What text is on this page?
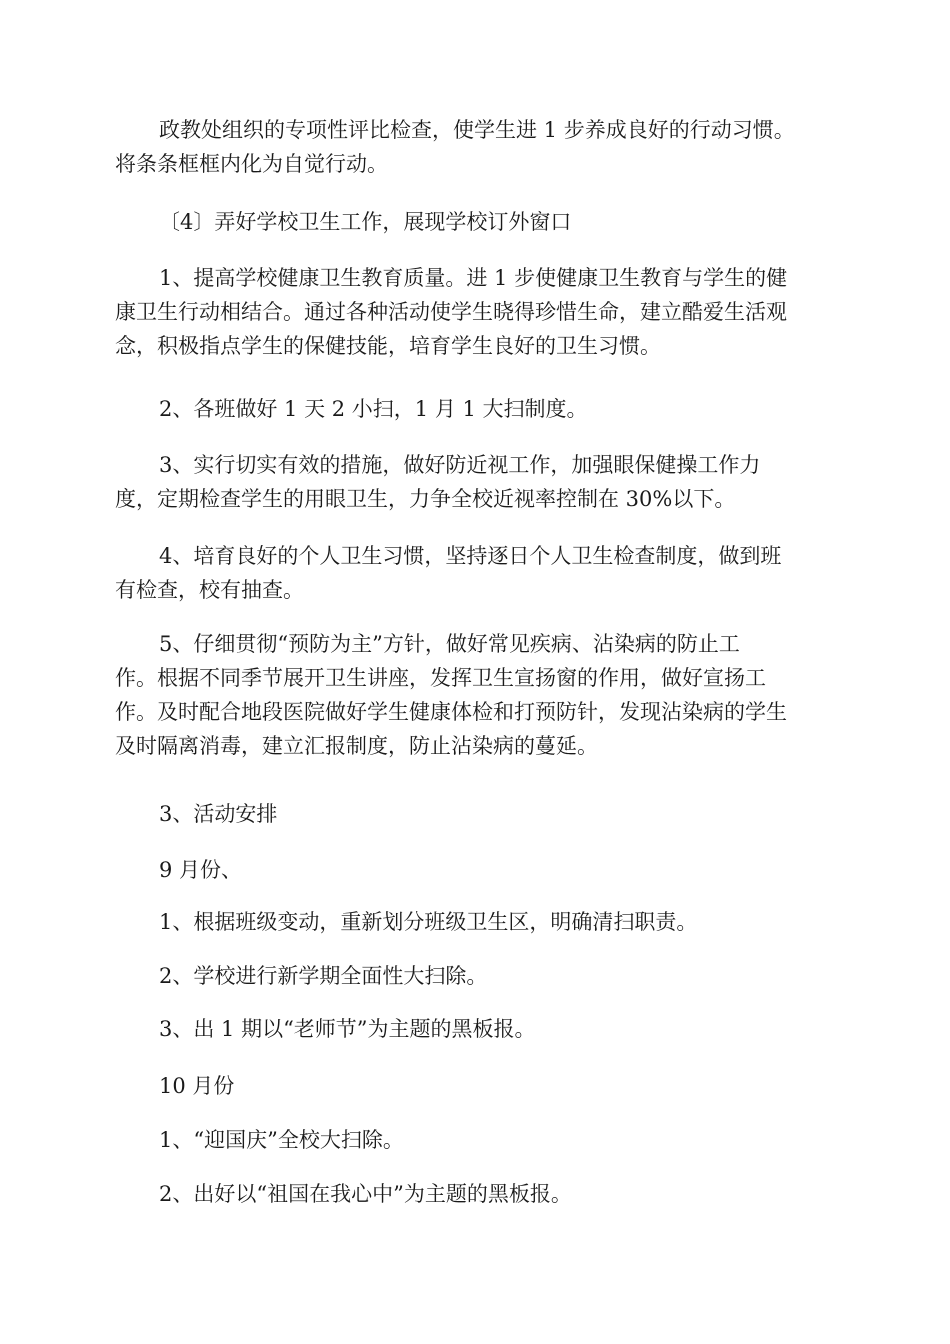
政教处组织的专项性评比检查，使学生进 1 步养成良好的行动习惯。
将条条框框内化为自觉行动。

〔4〕弄好学校卫生工作，展现学校订外窗口

1、提高学校健康卫生教育质量。进 1 步使健康卫生教育与学生的健
康卫生行动相结合。通过各种活动使学生晓得珍惜生命，建立酷爱生活观
念，积极指点学生的保健技能，培育学生良好的卫生习惯。

2、各班做好 1 天 2 小扫，1 月 1 大扫制度。

3、实行切实有效的措施，做好防近视工作，加强眼保健操工作力
度，定期检查学生的用眼卫生，力争全校近视率控制在 30%以下。

4、培育良好的个人卫生习惯，坚持逐日个人卫生检查制度，做到班
有检查，校有抽查。

5、仔细贯彻“预防为主”方针，做好常见疾病、沾染病的防止工
作。根据不同季节展开卫生讲座，发挥卫生宣扬窗的作用，做好宣扬工
作。及时配合地段医院做好学生健康体检和打预防针，发现沾染病的学生
及时隔离消毒，建立汇报制度，防止沾染病的蔓延。

3、活动安排

9 月份、

1、根据班级变动，重新划分班级卫生区，明确清扫职责。

2、学校进行新学期全面性大扫除。

3、出 1 期以“老师节”为主题的黑板报。

10 月份

1、“迎国庆”全校大扫除。

2、出好以“祖国在我心中”为主题的黑板报。
